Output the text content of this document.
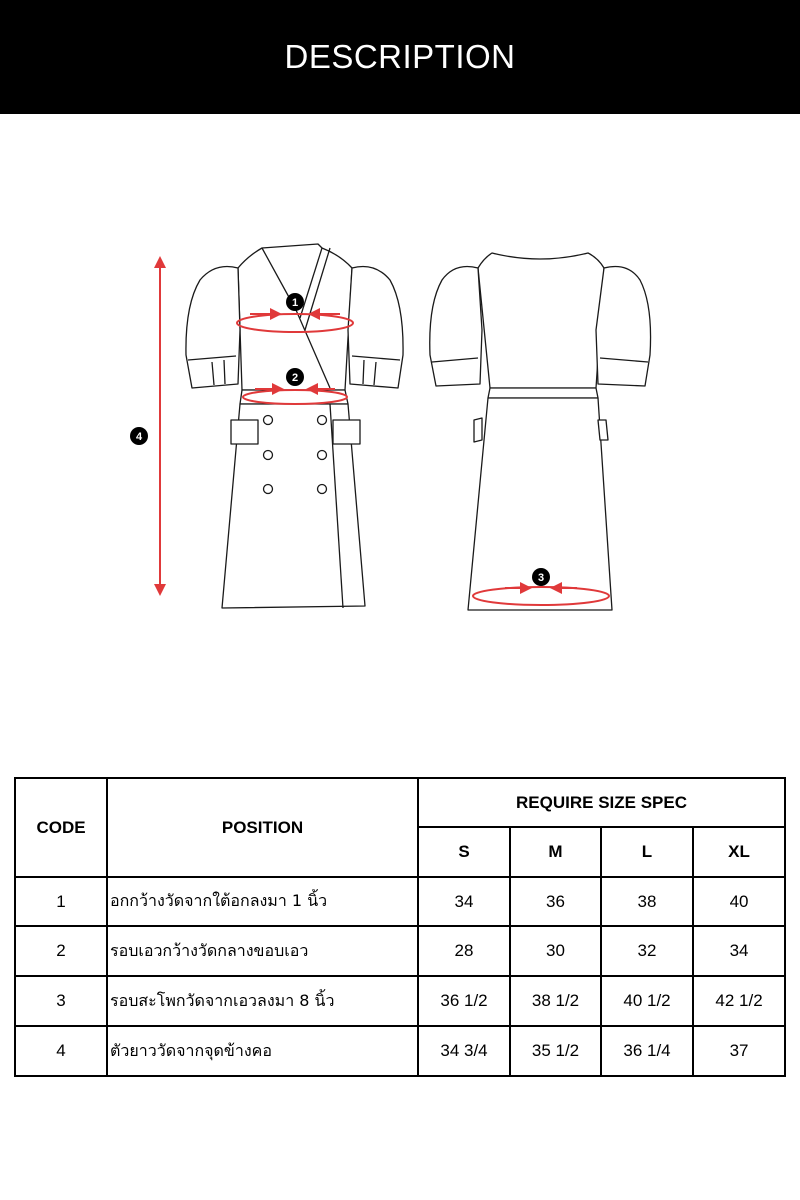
DESCRIPTION
1
2
3
4
CODE	POSITION	REQUIRE SIZE SPEC			
		S	M	L	XL
1	อกกว้างวัดจากใต้อกลงมา 1 นิ้ว	34	36	38	40
2	รอบเอวกว้างวัดกลางขอบเอว	28	30	32	34
3	รอบสะโพกวัดจากเอวลงมา 8 นิ้ว	36 1/2	38 1/2	40 1/2	42 1/2
4	ตัวยาววัดจากจุดข้างคอ	34 3/4	35 1/2	36 1/4	37
